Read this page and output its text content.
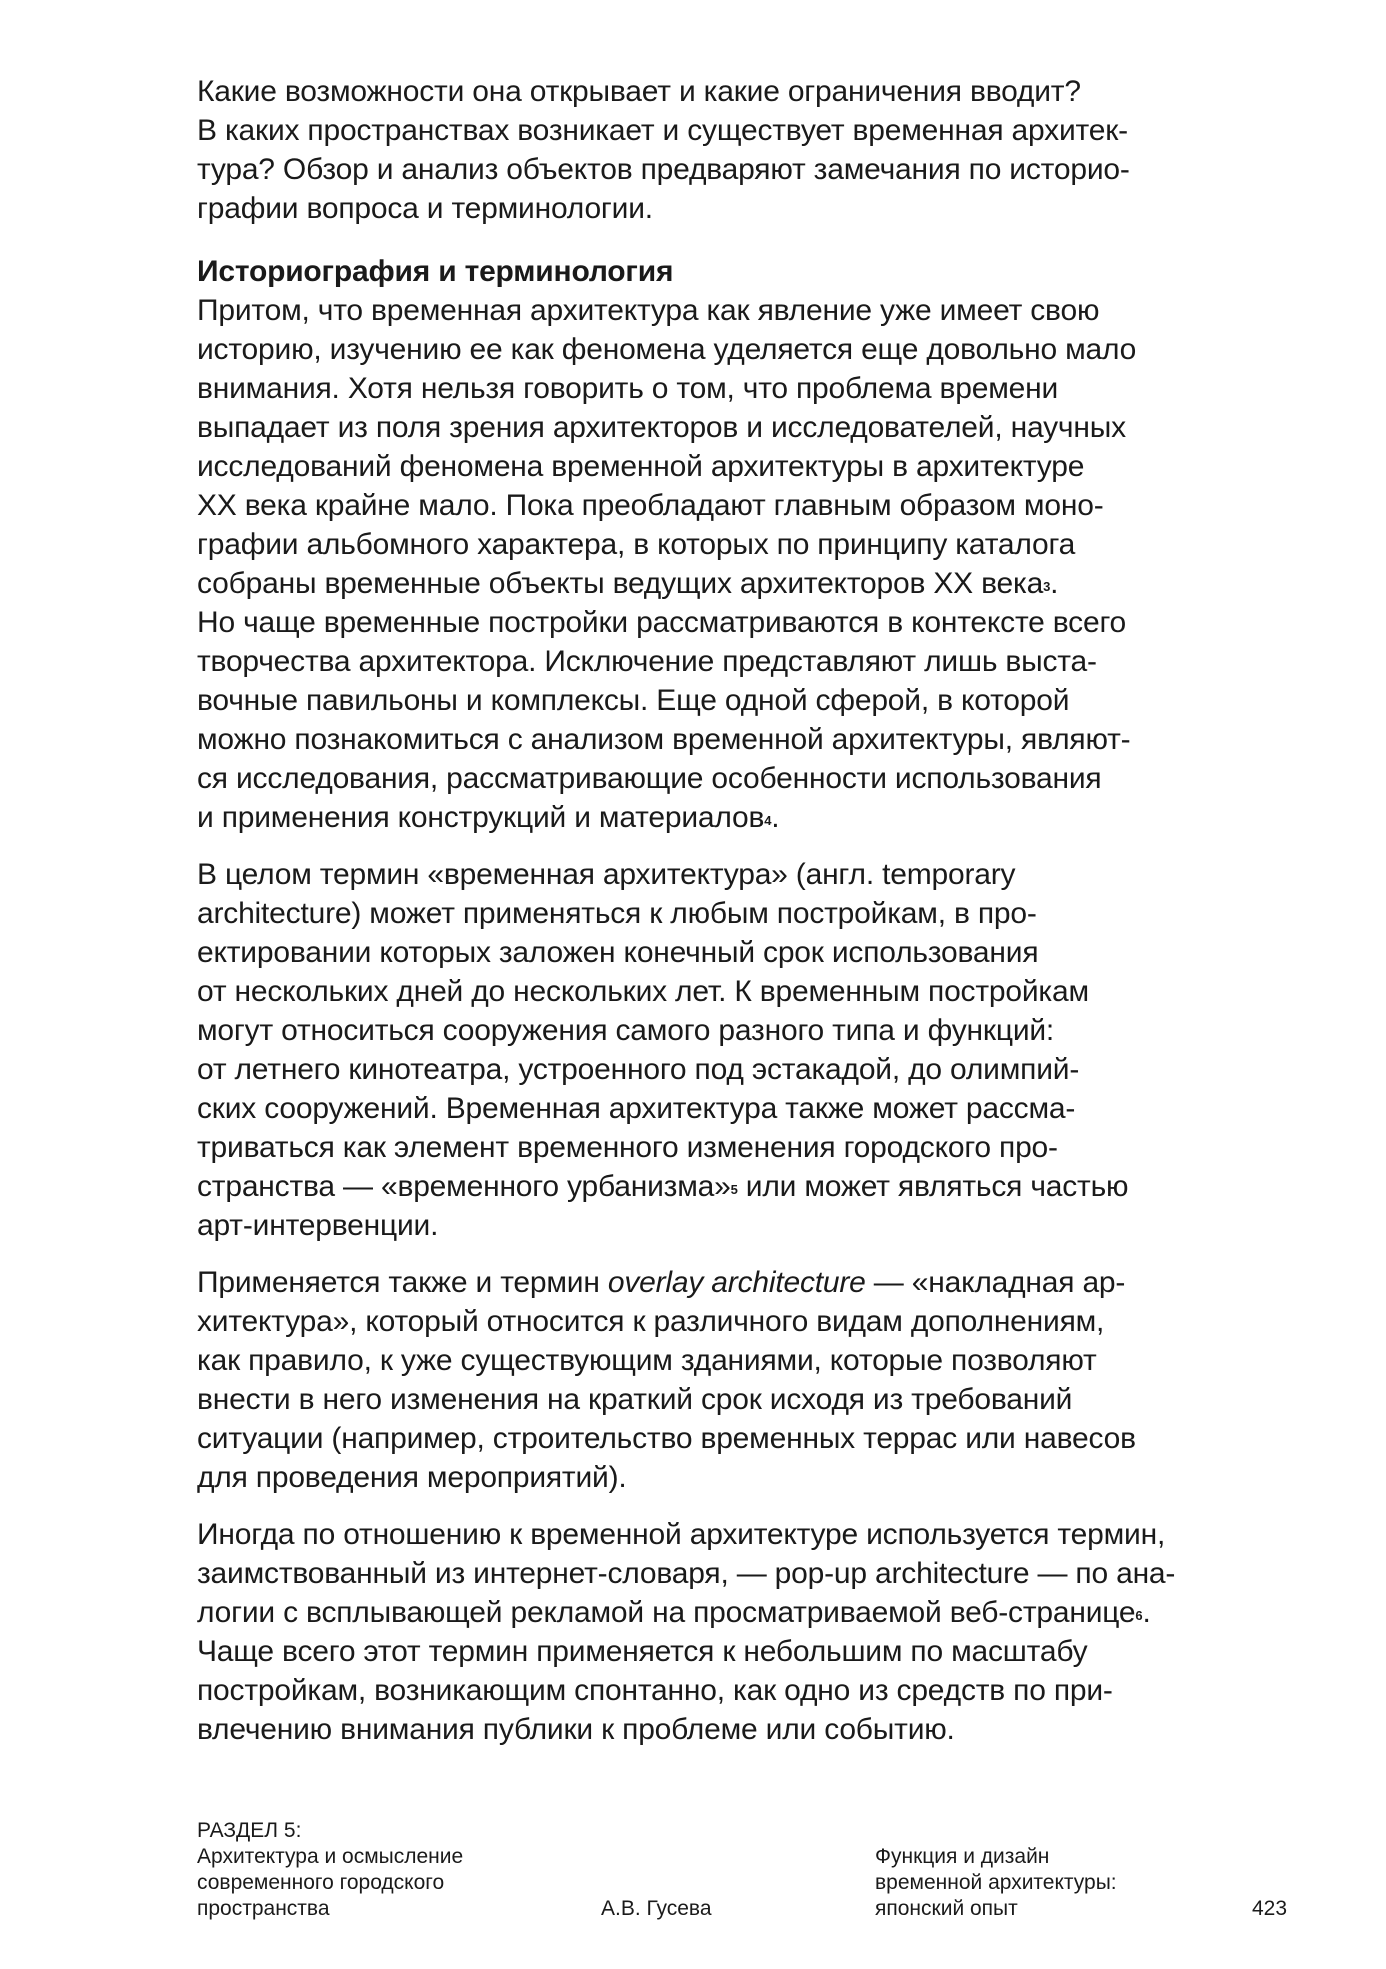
Какие возможности она открывает и какие ограничения вводит?
В каких пространствах возникает и существует временная архитек-
тура? Обзор и анализ объектов предваряют замечания по историо-
графии вопроса и терминологии.

Историография и терминология

Притом, что временная архитектура как явление уже имеет свою
историю, изучению ее как феномена уделяется еще довольно мало
внимания. Хотя нельзя говорить о том, что проблема времени
выпадает из поля зрения архитекторов и исследователей, научных
исследований феномена временной архитектуры в архитектуре
XX века крайне мало. Пока преобладают главным образом моно-
графии альбомного характера, в которых по принципу каталога
собраны временные объекты ведущих архитекторов XX века$^3$.
Но чаще временные постройки рассматриваются в контексте всего
творчества архитектора. Исключение представляют лишь выста-
вочные павильоны и комплексы. Еще одной сферой, в которой
можно познакомиться с анализом временной архитектуры, являют-
ся исследования, рассматривающие особенности использования
и применения конструкций и материалов$^4$.

В целом термин «временная архитектура» (англ. temporary
architecture) может применяться к любым постройкам, в про-
ектировании которых заложен конечный срок использования
от нескольких дней до нескольких лет. К временным постройкам
могут относиться сооружения самого разного типа и функций:
от летнего кинотеатра, устроенного под эстакадой, до олимпий-
ских сооружений. Временная архитектура также может рассма-
триваться как элемент временного изменения городского про-
странства — «временного урбанизма»$^5$ или может являться частью
арт-интервенции.

Применяется также и термин overlay architecture — «накладная ар-
хитектура», который относится к различного видам дополнениям,
как правило, к уже существующим зданиями, которые позволяют
внести в него изменения на краткий срок исходя из требований
ситуации (например, строительство временных террас или навесов
для проведения мероприятий).

Иногда по отношению к временной архитектуре используется термин,
заимствованный из интернет-словаря, — pop-up architecture — по ана-
логии с всплывающей рекламой на просматриваемой веб-странице$^6$.
Чаще всего этот термин применяется к небольшим по масштабу
постройкам, возникающим спонтанно, как одно из средств по при-
влечению внимания публики к проблеме или событию.

РАЗДЕЛ 5:
Архитектура и осмысление
современного городского
пространства	А.В. Гусева
Функция и дизайн
временной архитектуры:
японский опыт	423
